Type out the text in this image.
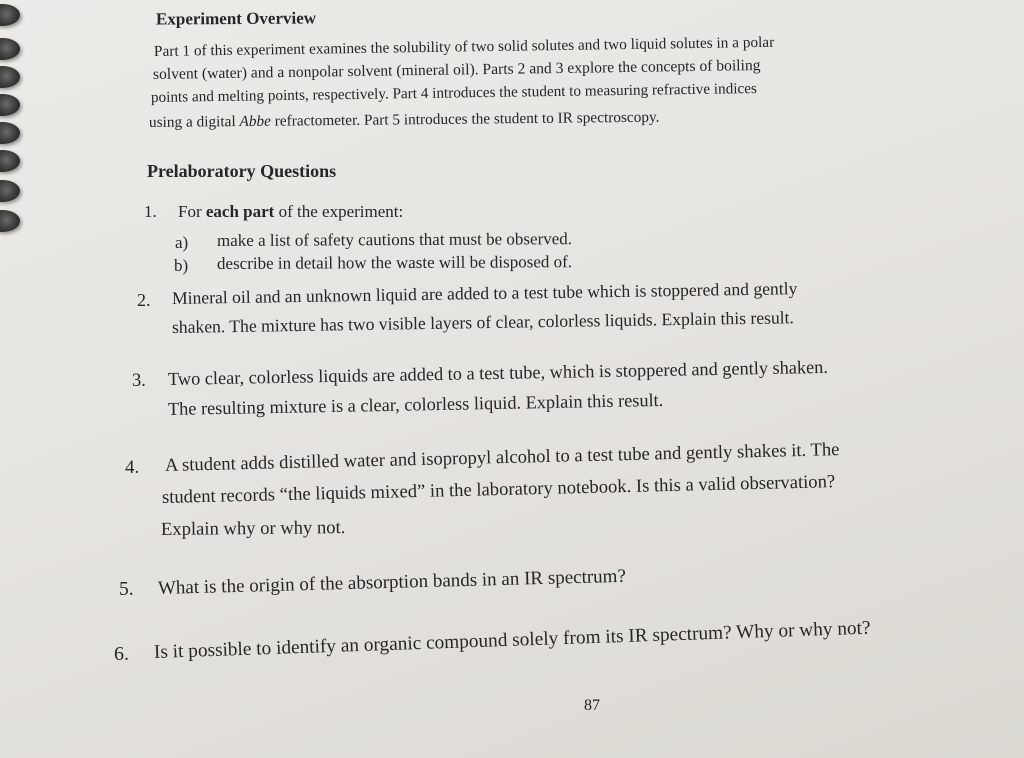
Experiment Overview
Part 1 of this experiment examines the solubility of two solid solutes and two liquid solutes in a polar
solvent (water) and a nonpolar solvent (mineral oil). Parts 2 and 3 explore the concepts of boiling
points and melting points, respectively. Part 4 introduces the student to measuring refractive indices
using a digital Abbe refractometer. Part 5 introduces the student to IR spectroscopy.
Prelaboratory Questions
1. For each part of the experiment:
a) make a list of safety cautions that must be observed.
b) describe in detail how the waste will be disposed of.
2. Mineral oil and an unknown liquid are added to a test tube which is stoppered and gently
shaken. The mixture has two visible layers of clear, colorless liquids. Explain this result.
3. Two clear, colorless liquids are added to a test tube, which is stoppered and gently shaken.
The resulting mixture is a clear, colorless liquid. Explain this result.
4. A student adds distilled water and isopropyl alcohol to a test tube and gently shakes it. The
student records “the liquids mixed” in the laboratory notebook. Is this a valid observation?
Explain why or why not.
5. What is the origin of the absorption bands in an IR spectrum?
6. Is it possible to identify an organic compound solely from its IR spectrum? Why or why not?
87
